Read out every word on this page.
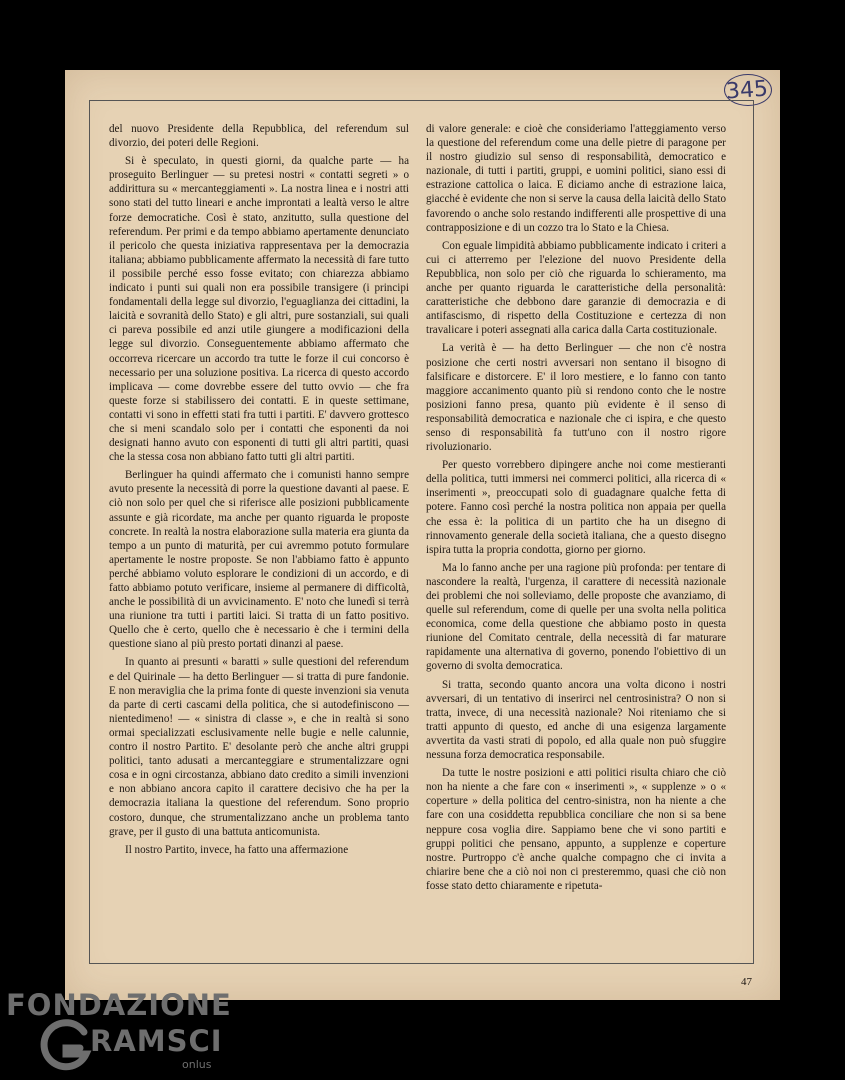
345

del nuovo Presidente della Repubblica, del referendum sul divorzio, dei poteri delle Regioni.

Si è speculato, in questi giorni, da qualche parte — ha proseguito Berlinguer — su pretesi nostri « contatti segreti » o addirittura su « mercanteggiamenti ». La nostra linea e i nostri atti sono stati del tutto lineari e anche improntati a lealtà verso le altre forze democratiche. Così è stato, anzitutto, sulla questione del referendum. Per primi e da tempo abbiamo apertamente denunciato il pericolo che questa iniziativa rappresentava per la democrazia italiana; abbiamo pubblicamente affermato la necessità di fare tutto il possibile perché esso fosse evitato; con chiarezza abbiamo indicato i punti sui quali non era possibile transigere (i principi fondamentali della legge sul divorzio, l'eguaglianza dei cittadini, la laicità e sovranità dello Stato) e gli altri, pure sostanziali, sui quali ci pareva possibile ed anzi utile giungere a modificazioni della legge sul divorzio. Conseguentemente abbiamo affermato che occorreva ricercare un accordo tra tutte le forze il cui concorso è necessario per una soluzione positiva. La ricerca di questo accordo implicava — come dovrebbe essere del tutto ovvio — che fra queste forze si stabilissero dei contatti. E in queste settimane, contatti vi sono in effetti stati fra tutti i partiti. E' davvero grottesco che si meni scandalo solo per i contatti che esponenti da noi designati hanno avuto con esponenti di tutti gli altri partiti, quasi che la stessa cosa non abbiano fatto tutti gli altri partiti.

Berlinguer ha quindi affermato che i comunisti hanno sempre avuto presente la necessità di porre la questione davanti al paese. E ciò non solo per quel che si riferisce alle posizioni pubblicamente assunte e già ricordate, ma anche per quanto riguarda le proposte concrete. In realtà la nostra elaborazione sulla materia era giunta da tempo a un punto di maturità, per cui avremmo potuto formulare apertamente le nostre proposte. Se non l'abbiamo fatto è appunto perché abbiamo voluto esplorare le condizioni di un accordo, e di fatto abbiamo potuto verificare, insieme al permanere di difficoltà, anche le possibilità di un avvicinamento. E' noto che lunedì si terrà una riunione tra tutti i partiti laici. Si tratta di un fatto positivo. Quello che è certo, quello che è necessario è che i termini della questione siano al più presto portati dinanzi al paese.

In quanto ai presunti « baratti » sulle questioni del referendum e del Quirinale — ha detto Berlinguer — si tratta di pure fandonie. E non meraviglia che la prima fonte di queste invenzioni sia venuta da parte di certi cascami della politica, che si autodefiniscono — nientedimeno! — « sinistra di classe », e che in realtà si sono ormai specializzati esclusivamente nelle bugie e nelle calunnie, contro il nostro Partito. E' desolante però che anche altri gruppi politici, tanto adusati a mercanteggiare e strumentalizzare ogni cosa e in ogni circostanza, abbiano dato credito a simili invenzioni e non abbiano ancora capito il carattere decisivo che ha per la democrazia italiana la questione del referendum. Sono proprio costoro, dunque, che strumentalizzano anche un problema tanto grave, per il gusto di una battuta anticomunista.

Il nostro Partito, invece, ha fatto una affermazione

di valore generale: e cioè che consideriamo l'atteggiamento verso la questione del referendum come una delle pietre di paragone per il nostro giudizio sul senso di responsabilità, democratico e nazionale, di tutti i partiti, gruppi, e uomini politici, siano essi di estrazione cattolica o laica. E diciamo anche di estrazione laica, giacché è evidente che non si serve la causa della laicità dello Stato favorendo o anche solo restando indifferenti alle prospettive di una contrapposizione e di un cozzo tra lo Stato e la Chiesa.

Con eguale limpidità abbiamo pubblicamente indicato i criteri a cui ci atterremo per l'elezione del nuovo Presidente della Repubblica, non solo per ciò che riguarda lo schieramento, ma anche per quanto riguarda le caratteristiche della personalità: caratteristiche che debbono dare garanzie di democrazia e di antifascismo, di rispetto della Costituzione e certezza di non travalicare i poteri assegnati alla carica dalla Carta costituzionale.

La verità è — ha detto Berlinguer — che non c'è nostra posizione che certi nostri avversari non sentano il bisogno di falsificare e distorcere. E' il loro mestiere, e lo fanno con tanto maggiore accanimento quanto più si rendono conto che le nostre posizioni fanno presa, quanto più evidente è il senso di responsabilità democratica e nazionale che ci ispira, e che questo senso di responsabilità fa tutt'uno con il nostro rigore rivoluzionario.

Per questo vorrebbero dipingere anche noi come mestieranti della politica, tutti immersi nei commerci politici, alla ricerca di « inserimenti », preoccupati solo di guadagnare qualche fetta di potere. Fanno così perché la nostra politica non appaia per quella che essa è: la politica di un partito che ha un disegno di rinnovamento generale della società italiana, che a questo disegno ispira tutta la propria condotta, giorno per giorno.

Ma lo fanno anche per una ragione più profonda: per tentare di nascondere la realtà, l'urgenza, il carattere di necessità nazionale dei problemi che noi solleviamo, delle proposte che avanziamo, di quelle sul referendum, come di quelle per una svolta nella politica economica, come della questione che abbiamo posto in questa riunione del Comitato centrale, della necessità di far maturare rapidamente una alternativa di governo, ponendo l'obiettivo di un governo di svolta democratica.

Si tratta, secondo quanto ancora una volta dicono i nostri avversari, di un tentativo di inserirci nel centrosinistra? O non si tratta, invece, di una necessità nazionale? Noi riteniamo che si tratti appunto di questo, ed anche di una esigenza largamente avvertita da vasti strati di popolo, ed alla quale non può sfuggire nessuna forza democratica responsabile.

Da tutte le nostre posizioni e atti politici risulta chiaro che ciò non ha niente a che fare con « inserimenti », « supplenze » o « coperture » della politica del centro-sinistra, non ha niente a che fare con una cosiddetta repubblica conciliare che non si sa bene neppure cosa voglia dire. Sappiamo bene che vi sono partiti e gruppi politici che pensano, appunto, a supplenze e coperture nostre. Purtroppo c'è anche qualche compagno che ci invita a chiarire bene che a ciò noi non ci presteremmo, quasi che ciò non fosse stato detto chiaramente e ripetuta-

47
FONDAZIONE
RAMSCI
onlus
